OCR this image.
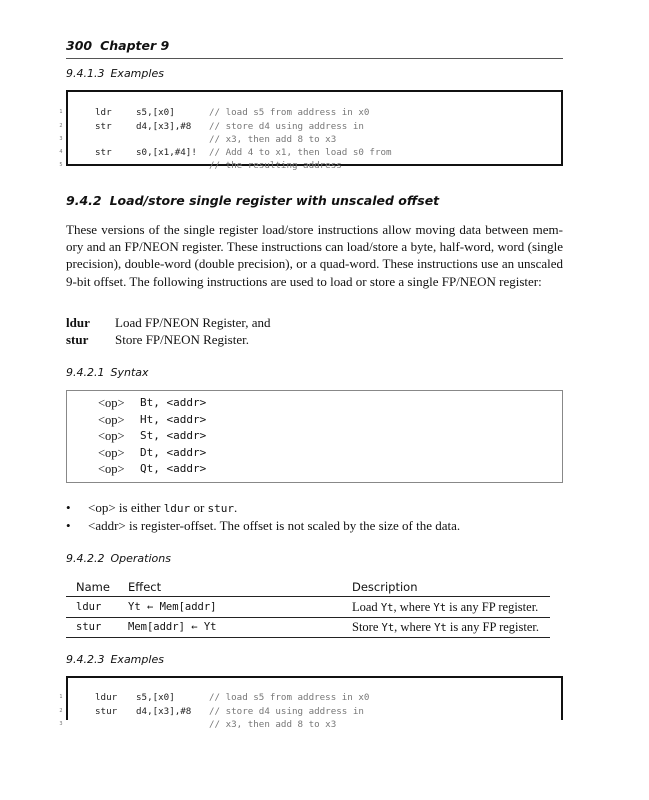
300 Chapter 9
9.4.1.3 Examples

1	ldr	s5,[x0]	// load s5 from address in x0

2	str	d4,[x3],#8 // store d4 using address in

3	// x3, then add 8 to x3

4	str	s0,[x1,#4]! // Add 4 to x1, then load s0 from

5	// the resulting address

9.4.2 Load/store single register with unscaled offset
These versions of the single register load/store instructions allow moving data between mem-ory and an FP/NEON register. These instructions can load/store a byte, half-word, word (single precision), double-word (double precision), or a quad-word. These instructions use an unscaled 9-bit offset. The following instructions are used to load or store a single FP/NEON register:
ldur Load FP/NEON Register, and
stur Store FP/NEON Register.
9.4.2.1 Syntax
<op> Bt, <addr>
<op> Ht, <addr>
<op> St, <addr>
<op> Dt, <addr>
<op> Qt, <addr>
• <op> is either ldur or stur.
• <addr> is register-offset. The offset is not scaled by the size of the data.
9.4.2.2 Operations
Name Effect	Description
ldur	Yt ← Mem[addr]	Load Yt, where Yt is any FP register.
stur	Mem[addr] ← Yt	Store Yt, where Yt is any FP register.
9.4.2.3 Examples

1	ldur s5,[x0]	// load s5 from address in x0

2	stur d4,[x3],#8 // store d4 using address in

3	// x3, then add 8 to x3
